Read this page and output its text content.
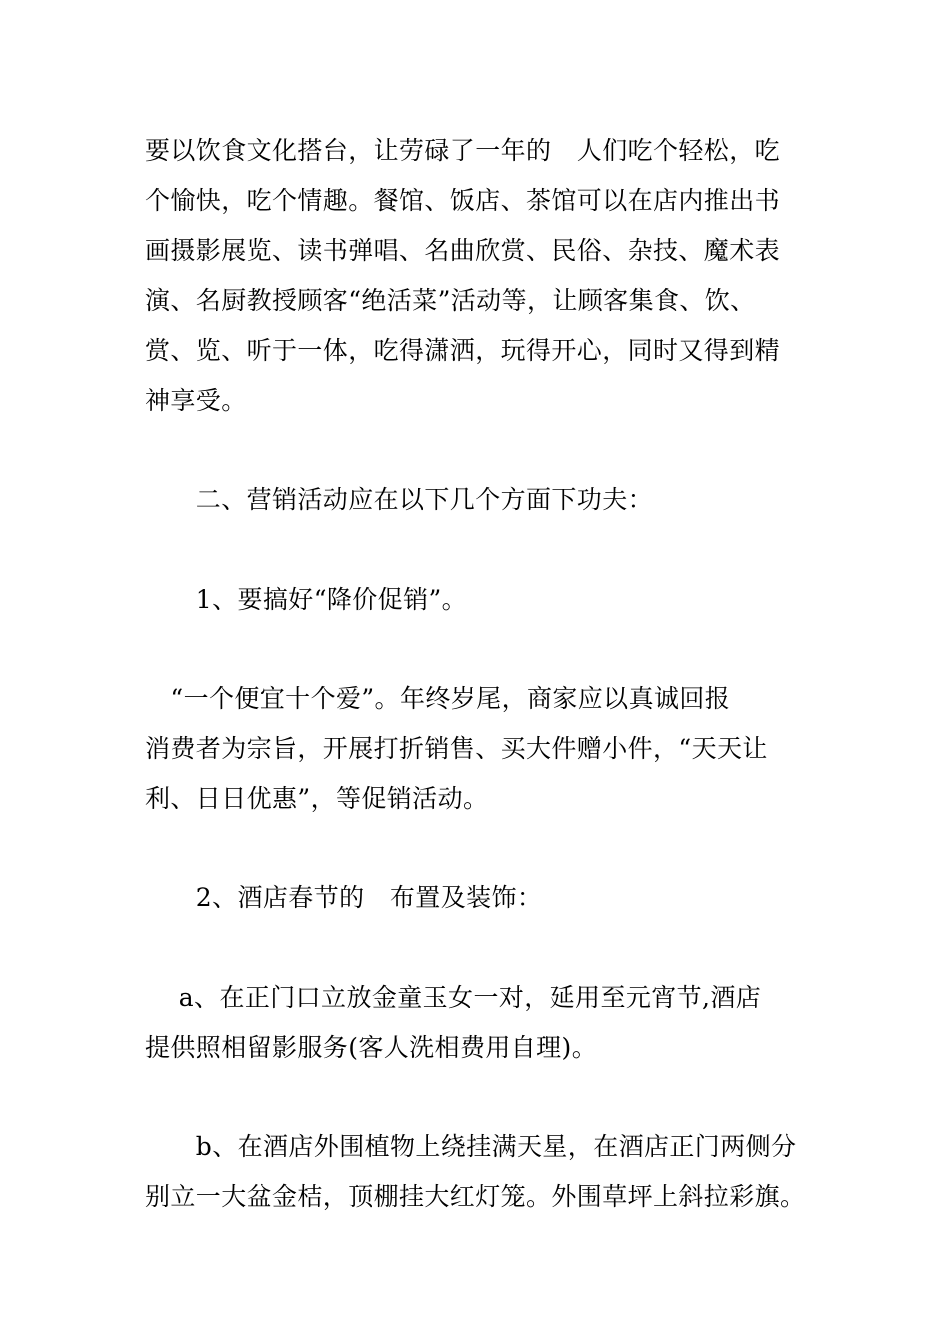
要以饮食文化搭台，让劳碌了一年的　人们吃个轻松，吃
个愉快，吃个情趣。餐馆、饭店、茶馆可以在店内推出书
画摄影展览、读书弹唱、名曲欣赏、民俗、杂技、魔术表
演、名厨教授顾客“绝活菜”活动等，让顾客集食、饮、
赏、览、听于一体，吃得潇洒，玩得开心，同时又得到精
神享受。
　　二、营销活动应在以下几个方面下功夫：
　　1、要搞好“降价促销”。
　“一个便宜十个爱”。年终岁尾，商家应以真诚回报
消费者为宗旨，开展打折销售、买大件赠小件，“天天让
利、日日优惠”，等促销活动。
　　2、酒店春节的　布置及装饰：
　 a、在正门口立放金童玉女一对，延用至元宵节,酒店
提供照相留影服务(客人洗相费用自理)。
　　b、在酒店外围植物上绕挂满天星，在酒店正门两侧分
别立一大盆金桔，顶棚挂大红灯笼。外围草坪上斜拉彩旗。
